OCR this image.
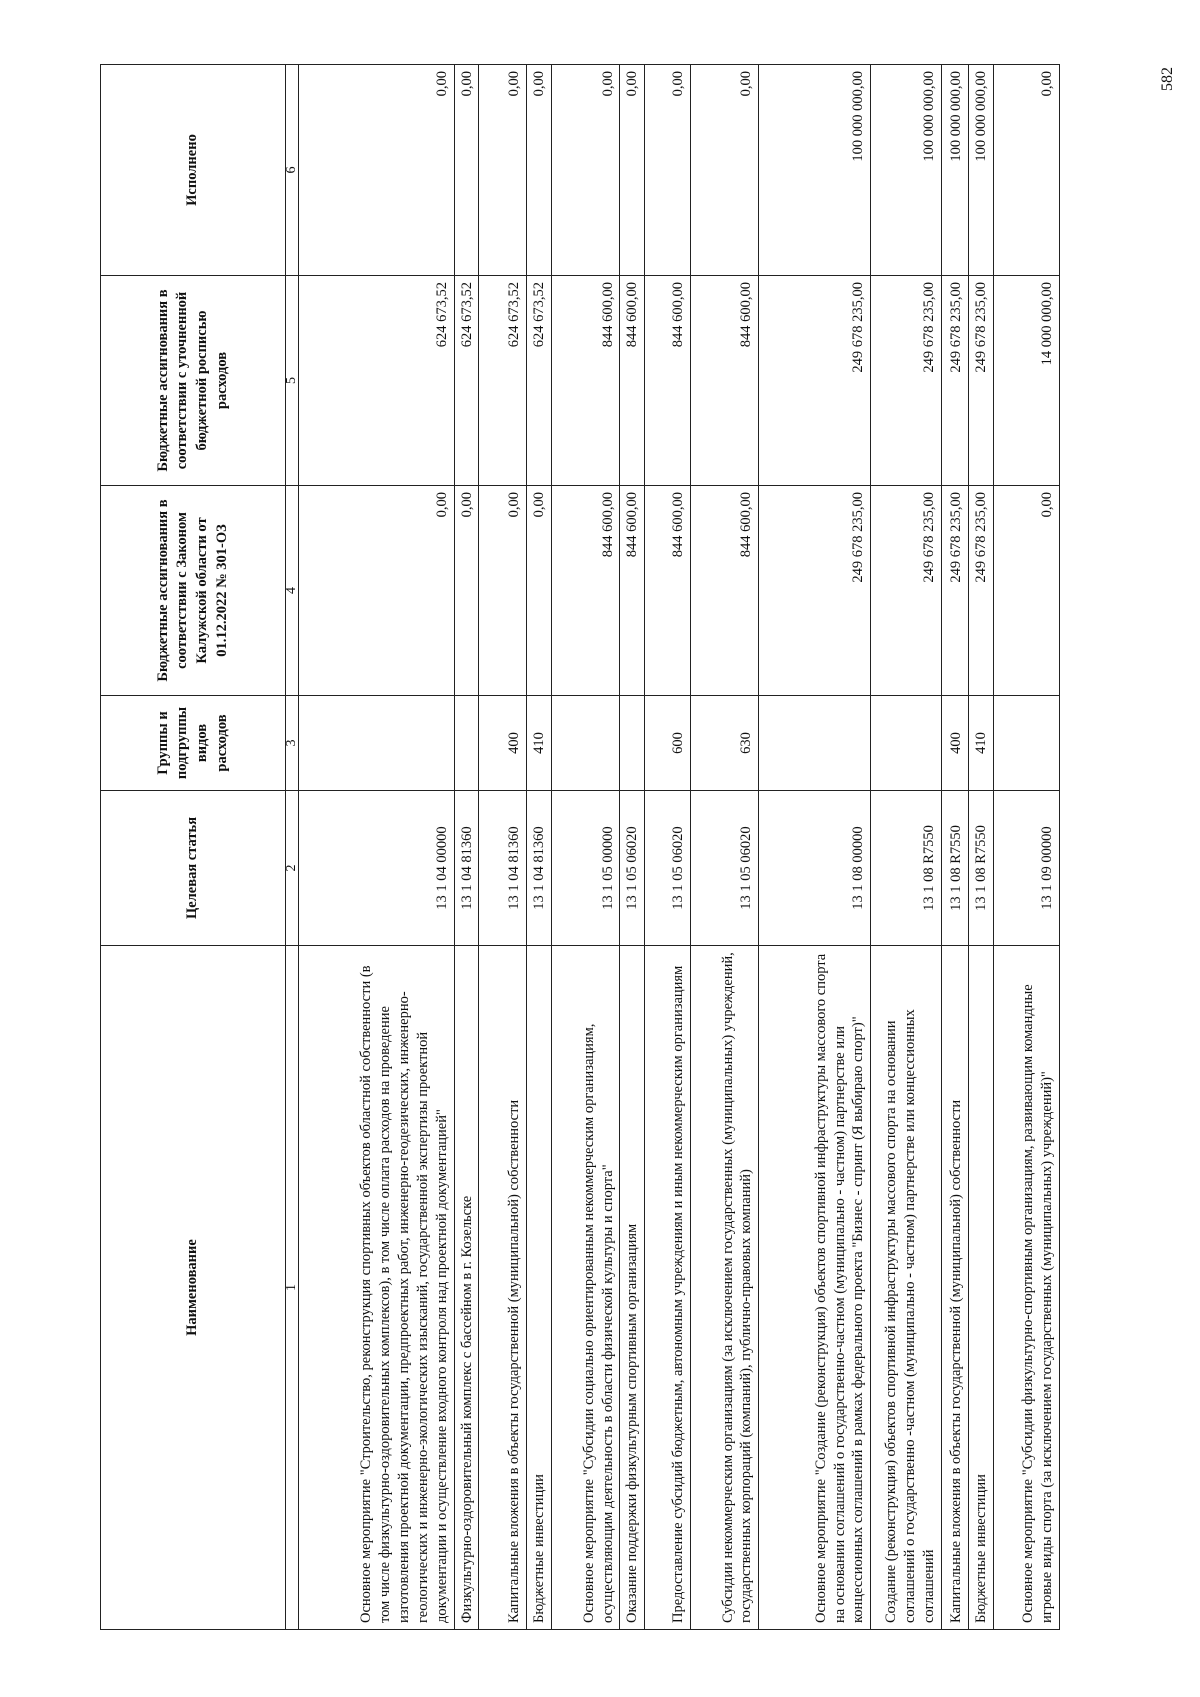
Наименование	Целевая статья	Группы и подгруппы видов расходов	Бюджетные ассигнования в соответствии с Законом Калужской области от 01.12.2022 № 301-ОЗ	Бюджетные ассигнования в соответствии с уточненной бюджетной росписью расходов	Исполнено
1	2	3	4	5	6
Основное мероприятие "Строительство, реконструкция спортивных объектов областной собственности (в том числе физкультурно-оздоровительных комплексов), в том числе оплата расходов на проведение изготовления проектной документации, предпроектных работ, инженерно-геодезических, инженерно-геологических и инженерно-экологических изысканий, государственной экспертизы проектной документации и осуществление входного контроля над проектной документацией"	13 1 04 00000		0,00	624 673,52	0,00
Физкультурно-оздоровительный комплекс с бассейном в г. Козельске	13 1 04 81360		0,00	624 673,52	0,00
Капитальные вложения в объекты государственной (муниципальной) собственности	13 1 04 81360	400	0,00	624 673,52	0,00
Бюджетные инвестиции	13 1 04 81360	410	0,00	624 673,52	0,00
Основное мероприятие "Субсидии социально ориентированным некоммерческим организациям, осуществляющим деятельность в области физической культуры и спорта"	13 1 05 00000		844 600,00	844 600,00	0,00
Оказание поддержки физкультурным спортивным организациям	13 1 05 06020		844 600,00	844 600,00	0,00
Предоставление субсидий бюджетным, автономным учреждениям и иным некоммерческим организациям	13 1 05 06020	600	844 600,00	844 600,00	0,00
Субсидии некоммерческим организациям (за исключением государственных (муниципальных) учреждений, государственных корпораций (компаний), публично-правовых компаний)	13 1 05 06020	630	844 600,00	844 600,00	0,00
Основное мероприятие "Создание (реконструкция) объектов спортивной инфраструктуры массового спорта на основании соглашений о государственно-частном (муниципально - частном) партнерстве или концессионных соглашений в рамках федерального проекта "Бизнес - спринт (Я выбираю спорт)"	13 1 08 00000		249 678 235,00	249 678 235,00	100 000 000,00
Создание (реконструкция) объектов спортивной инфраструктуры массового спорта на основании соглашений о государственно -частном (муниципально - частном) партнерстве или концессионных соглашений	13 1 08 R7550		249 678 235,00	249 678 235,00	100 000 000,00
Капитальные вложения в объекты государственной (муниципальной) собственности	13 1 08 R7550	400	249 678 235,00	249 678 235,00	100 000 000,00
Бюджетные инвестиции	13 1 08 R7550	410	249 678 235,00	249 678 235,00	100 000 000,00
Основное мероприятие "Субсидии физкультурно-спортивным организациям, развивающим командные игровые виды спорта (за исключением государственных (муниципальных) учреждений)"	13 1 09 00000		0,00	14 000 000,00	0,00	582
